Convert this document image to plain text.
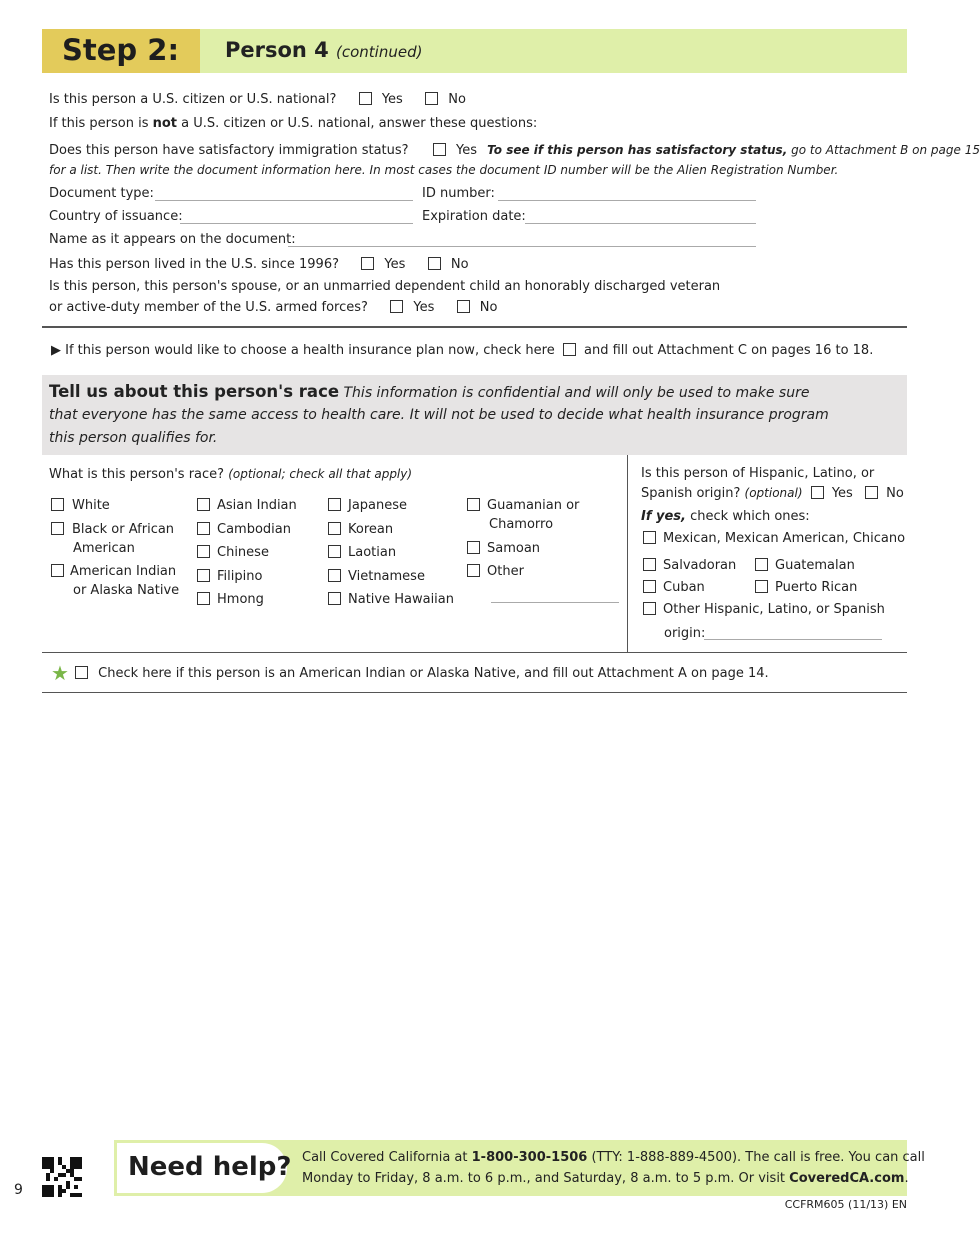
Step 2: Person 4 (continued)
Is this person a U.S. citizen or U.S. national?	Yes	No
If this person is not a U.S. citizen or U.S. national, answer these questions:
Does this person have satisfactory immigration status?	Yes To see if this person has satisfactory status, go to Attachment B on page 15
for a list. Then write the document information here. In most cases the document ID number will be the Alien Registration Number.
Document type:	ID number:
Country of issuance:	Expiration date:
Name as it appears on the document:
Has this person lived in the U.S. since 1996?	Yes	No
Is this person, this person's spouse, or an unmarried dependent child an honorably discharged veteran
or active-duty member of the U.S. armed forces?	Yes	No
▶ If this person would like to choose a health insurance plan now, check here and fill out Attachment C on pages 16 to 18.
Tell us about this person's race This information is confidential and will only be used to make sure
that everyone has the same access to health care. It will not be used to decide what health insurance program
this person qualifies for.
What is this person's race? (optional; check all that apply)
White
Black or African
American
American Indian
or Alaska Native
Asian Indian
Cambodian
Chinese
Filipino
Hmong
Japanese
Korean
Laotian
Vietnamese
Native Hawaiian
Guamanian or
Chamorro
Samoan
Other
Is this person of Hispanic, Latino, or
Spanish origin? (optional) Yes	No
If yes, check which ones:
Mexican, Mexican American, Chicano
Salvadoran	Guatemalan
Cuban	Puerto Rican
Other Hispanic, Latino, or Spanish
origin:
★	Check here if this person is an American Indian or Alaska Native, and fill out Attachment A on page 14.
9
Need help? Call Covered California at 1-800-300-1506 (TTY: 1-888-889-4500). The call is free. You can call
Monday to Friday, 8 a.m. to 6 p.m., and Saturday, 8 a.m. to 5 p.m. Or visit CoveredCA.com.
CCFRM605 (11/13) EN
